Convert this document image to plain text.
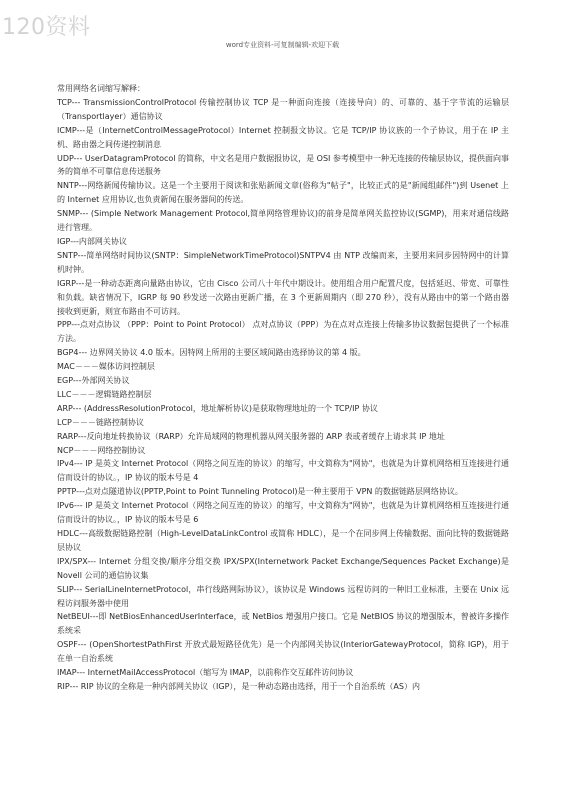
120资料
word专业资料-可复制编辑-欢迎下载

常用网络名词缩写解释：

TCP--- TransmissionControlProtocol 传输控制协议 TCP 是一种面向连接（连接导向）的、可靠的、基于字节流的运输层（Transportlayer）通信协议

ICMP---是（InternetControlMessageProtocol）Internet 控制报文协议。它是 TCP/IP 协议族的一个子协议，用于在 IP 主机、路由器之间传递控制消息

UDP--- UserDatagramProtocol 的简称，中文名是用户数据报协议，是 OSI 参考模型中一种无连接的传输层协议，提供面向事务的简单不可靠信息传送服务

NNTP---网络新闻传输协议。这是一个主要用于阅读和张贴新闻文章(俗称为"帖子"，比较正式的是"新闻组邮件")到 Usenet 上的 Internet 应用协议,也负责新闻在服务器间的传送。

SNMP--- (Simple Network Management Protocol,简单网络管理协议)的前身是简单网关监控协议(SGMP)，用来对通信线路进行管理。

IGP---内部网关协议

SNTP---简单网络时间协议(SNTP：SimpleNetworkTimeProtocol)SNTPV4 由 NTP 改编而来，主要用来同步因特网中的计算机时钟。

IGRP---是一种动态距离向量路由协议，它由 Cisco 公司八十年代中期设计。使用组合用户配置尺度，包括延迟、带宽、可靠性和负载。缺省情况下，IGRP 每 90 秒发送一次路由更新广播，在 3 个更新周期内（即 270 秒），没有从路由中的第一个路由器接收到更新，则宣布路由不可访问。

PPP---点对点协议 （PPP：Point to Point Protocol） 点对点协议（PPP）为在点对点连接上传输多协议数据包提供了一个标准方法。

BGP4--- 边界网关协议 4.0 版本。因特网上所用的主要区域间路由选择协议的第 4 版。

MAC－－－媒体访问控制层

EGP---外部网关协议

LLC－－－逻辑链路控制层

ARP--- (AddressResolutionProtocol，地址解析协议)是获取物理地址的一个 TCP/IP 协议

LCP－－－链路控制协议

RARP---反向地址转换协议（RARP）允许局域网的物理机器从网关服务器的 ARP 表或者缓存上请求其 IP 地址

NCP－－－网络控制协议

IPv4--- IP 是英文 Internet Protocol（网络之间互连的协议）的缩写，中文简称为"网协"，也就是为计算机网络相互连接进行通信而设计的协议。，IP 协议的版本号是 4

PPTP---点对点隧道协议(PPTP,Point to Point Tunneling Protocol)是一种主要用于 VPN 的数据链路层网络协议。

IPv6--- IP 是英文 Internet Protocol（网络之间互连的协议）的缩写，中文简称为"网协"，也就是为计算机网络相互连接进行通信而设计的协议。，IP 协议的版本号是 6

HDLC---高级数据链路控制（High-LevelDataLinkControl 或简称 HDLC），是一个在同步网上传输数据、面向比特的数据链路层协议

IPX/SPX--- Internet 分组交换/顺序分组交换 IPX/SPX(Internetwork Packet Exchange/Sequences Packet Exchange)是 Novell 公司的通信协议集

SLIP--- SerialLineInternetProtocol，串行线路网际协议），该协议是 Windows 远程访问的一种旧工业标准，主要在 Unix 远程访问服务器中使用

NetBEUI---即 NetBiosEnhancedUserInterface，或 NetBios 增强用户接口。它是 NetBIOS 协议的增强版本，曾被许多操作系统采

OSPF--- (OpenShortestPathFirst 开放式最短路径优先）是一个内部网关协议(InteriorGatewayProtocol，简称 IGP)，用于在单一自治系统

IMAP--- InternetMailAccessProtocol（缩写为 IMAP，以前称作交互邮件访问协议

RIP--- RIP 协议的全称是一种内部网关协议（IGP），是一种动态路由选择，用于一个自治系统（AS）内
